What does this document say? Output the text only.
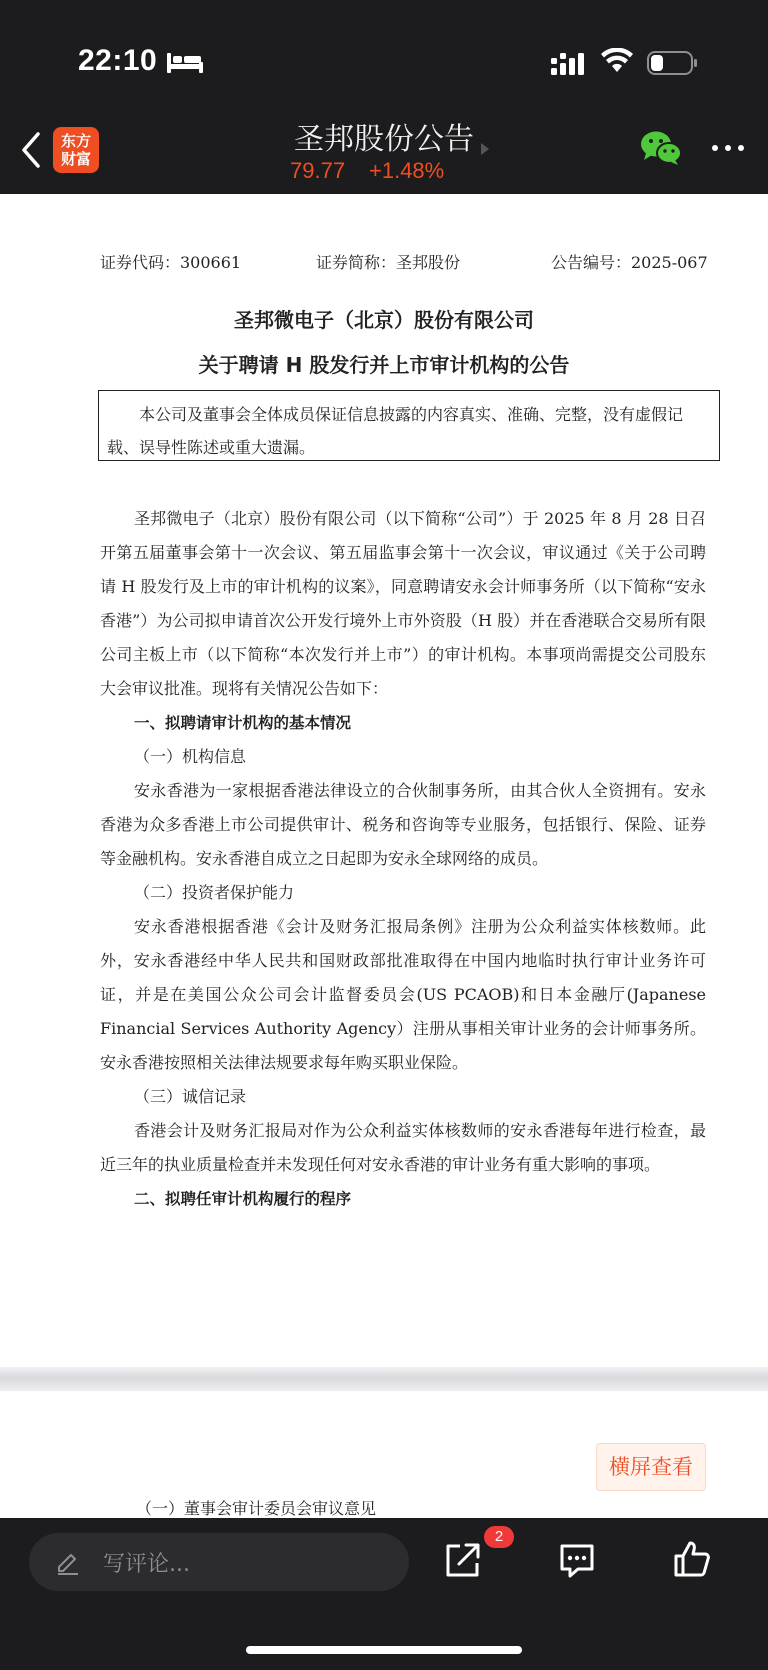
22:10
东方
财富
圣邦股份公告
79.77 +1.48%
证券代码：300661	证券简称：圣邦股份	公告编号：2025-067
圣邦微电子（北京）股份有限公司
关于聘请 H 股发行并上市审计机构的公告
本公司及董事会全体成员保证信息披露的内容真实、准确、完整，没有虚假记载、误导性陈述或重大遗漏。

圣邦微电子（北京）股份有限公司（以下简称“公司”）于 2025 年 8 月 28 日召开第五届董事会第十一次会议、第五届监事会第十一次会议，审议通过《关于公司聘请 H 股发行及上市的审计机构的议案》，同意聘请安永会计师事务所（以下简称“安永香港”）为公司拟申请首次公开发行境外上市外资股（H 股）并在香港联合交易所有限公司主板上市（以下简称“本次发行并上市”）的审计机构。本事项尚需提交公司股东大会审议批准。现将有关情况公告如下：

一、拟聘请审计机构的基本情况

（一）机构信息

安永香港为一家根据香港法律设立的合伙制事务所，由其合伙人全资拥有。安永香港为众多香港上市公司提供审计、税务和咨询等专业服务，包括银行、保险、证券等金融机构。安永香港自成立之日起即为安永全球网络的成员。

（二）投资者保护能力

安永香港根据香港《会计及财务汇报局条例》注册为公众利益实体核数师。此外，安永香港经中华人民共和国财政部批准取得在中国内地临时执行审计业务许可证，并是在美国公众公司会计监督委员会(US PCAOB)和日本金融厅(Japanese Financial Services Authority Agency）注册从事相关审计业务的会计师事务所。安永香港按照相关法律法规要求每年购买职业保险。

（三）诚信记录

香港会计及财务汇报局对作为公众利益实体核数师的安永香港每年进行检查，最近三年的执业质量检查并未发现任何对安永香港的审计业务有重大影响的事项。

二、拟聘任审计机构履行的程序

横屏查看
（一）董事会审计委员会审议意见
写评论...
2
